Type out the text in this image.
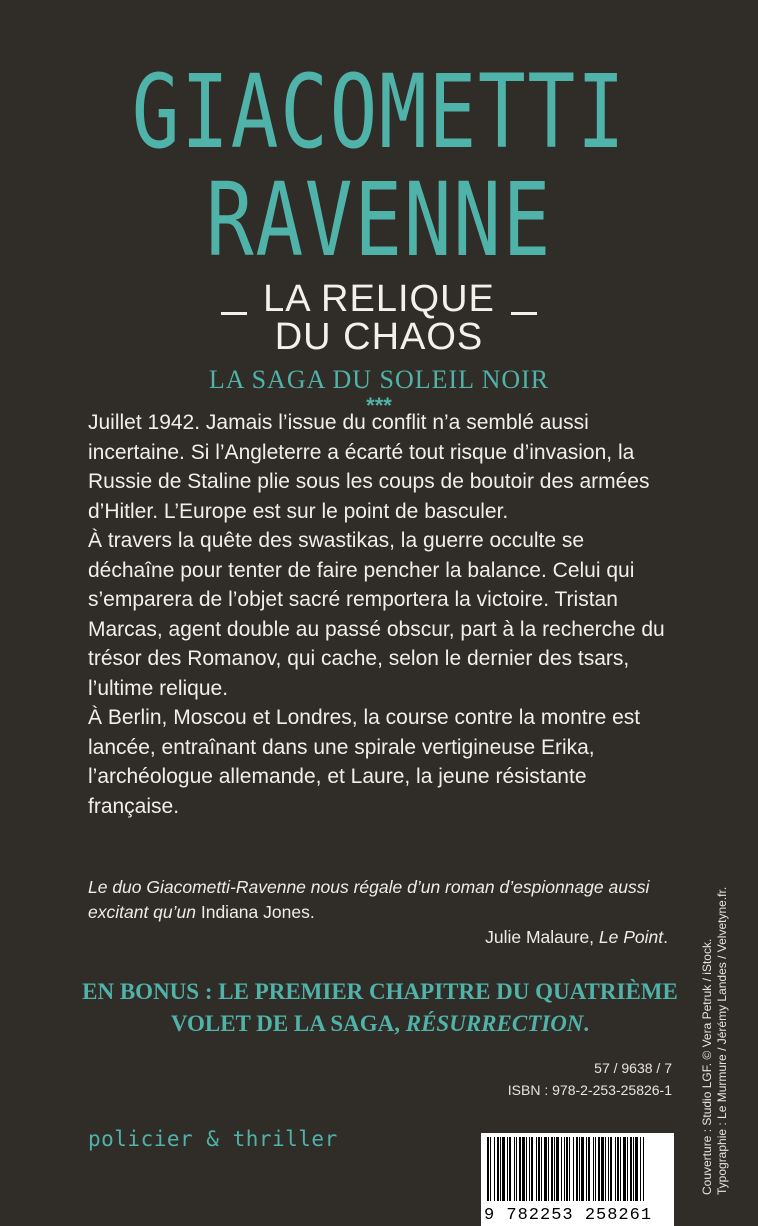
GIACOMETTI
RAVENNE
LA RELIQUE
DU CHAOS
LA SAGA DU SOLEIL NOIR
***

Juillet 1942. Jamais l’issue du conflit n’a semblé aussi incertaine. Si l’Angleterre a écarté tout risque d’invasion, la Russie de Staline plie sous les coups de boutoir des armées d’Hitler. L’Europe est sur le point de basculer.

À travers la quête des swastikas, la guerre occulte se déchaîne pour tenter de faire pencher la balance. Celui qui s’emparera de l’objet sacré remportera la victoire. Tristan Marcas, agent double au passé obscur, part à la recherche du trésor des Romanov, qui cache, selon le dernier des tsars, l’ultime relique.

À Berlin, Moscou et Londres, la course contre la montre est lancée, entraînant dans une spirale vertigineuse Erika, l’archéologue allemande, et Laure, la jeune résistante française.

Le duo Giacometti-Ravenne nous régale d’un roman d’espionnage aussi excitant qu’un Indiana Jones.
Julie Malaure, Le Point.
EN BONUS : LE PREMIER CHAPITRE DU QUATRIÈME
VOLET DE LA SAGA, RÉSURRECTION.
57 / 9638 / 7
ISBN : 978-2-253-25826-1
policier & thriller
9 782253 258261
Couverture : Studio LGF. © Vera Petruk / iStock. Typographie : Le Murmure / Jérémy Landes / Velvetyne.fr.
